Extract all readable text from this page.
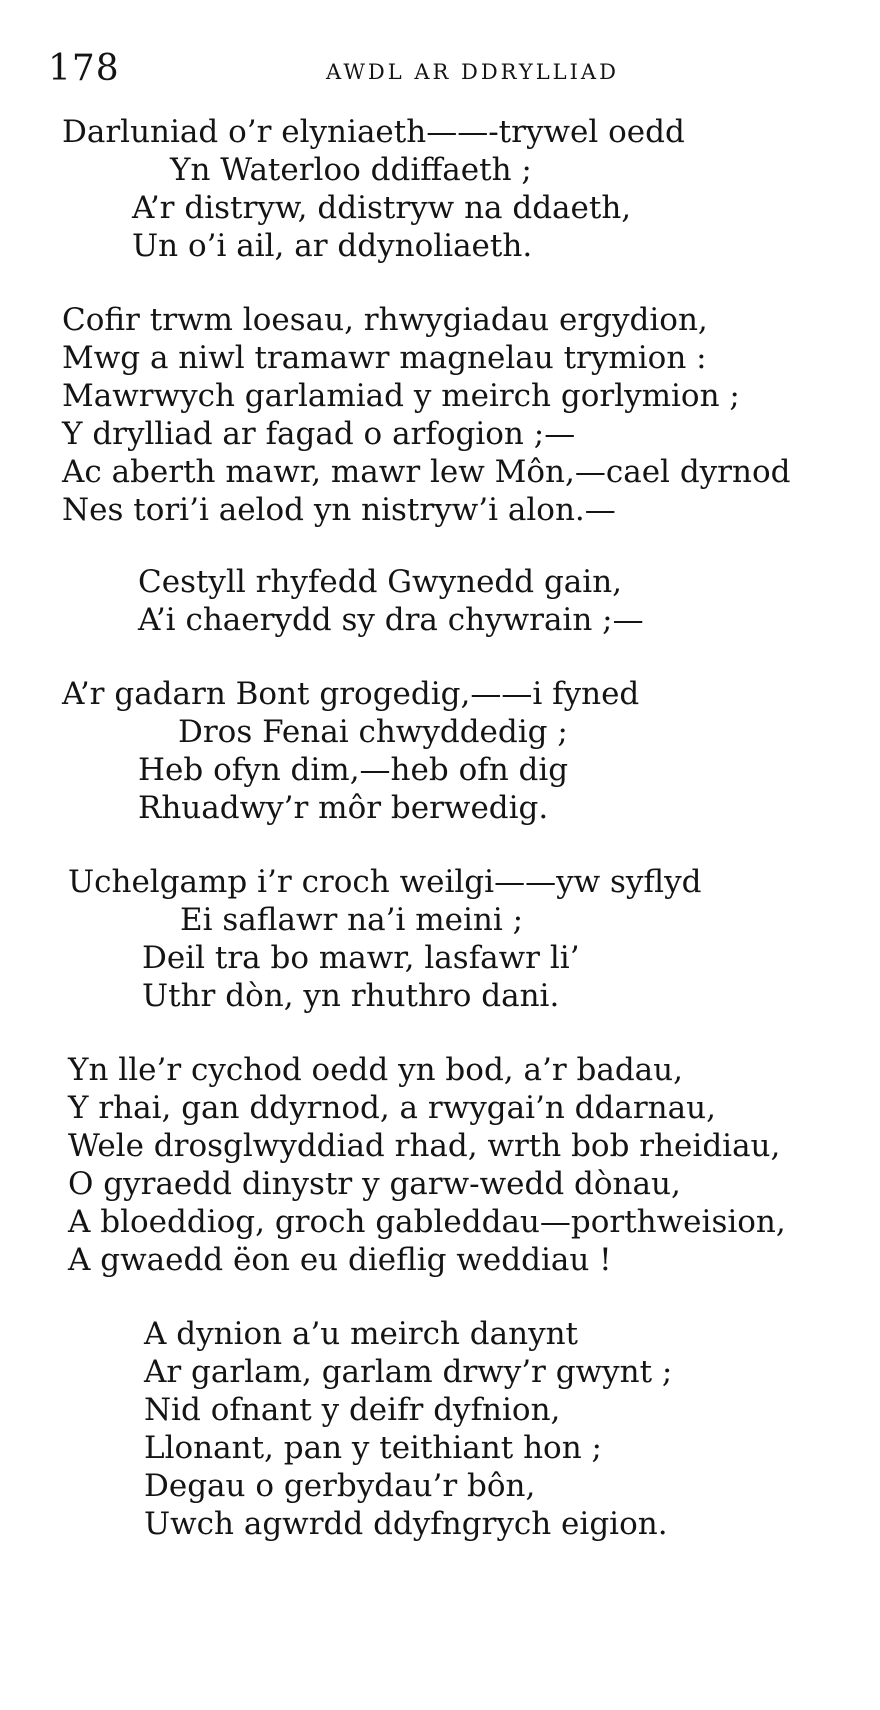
178	AWDL AR DDRYLLIAD
Darluniad o’r elyniaeth——-trywel oedd
Yn Waterloo ddiffaeth ;
A’r distryw, ddistryw na ddaeth,
Un o’i ail, ar ddynoliaeth.
Cofir trwm loesau, rhwygiadau ergydion,
Mwg a niwl tramawr magnelau trymion :
Mawrwych garlamiad y meirch gorlymion ;
Y drylliad ar fagad o arfogion ;—
Ac aberth mawr, mawr lew Môn,—cael dyrnod
Nes tori’i aelod yn nistryw’i alon.—
Cestyll rhyfedd Gwynedd gain,
A’i chaerydd sy dra chywrain ;—
A’r gadarn Bont grogedig,——i fyned
Dros Fenai chwyddedig ;
Heb ofyn dim,—heb ofn dig
Rhuadwy’r môr berwedig.
Uchelgamp i’r croch weilgi——yw syflyd
Ei saflawr na’i meini ;
Deil tra bo mawr, lasfawr li’
Uthr dòn, yn rhuthro dani.
Yn lle’r cychod oedd yn bod, a’r badau,
Y rhai, gan ddyrnod, a rwygai’n ddarnau,
Wele drosglwyddiad rhad, wrth bob rheidiau,
O gyraedd dinystr y garw-wedd dònau,
A bloeddiog, groch gableddau—porthweision,
A gwaedd ëon eu dieflig weddiau !
A dynion a’u meirch danynt
Ar garlam, garlam drwy’r gwynt ;
Nid ofnant y deifr dyfnion,
Llonant, pan y teithiant hon ;
Degau o gerbydau’r bôn,
Uwch agwrdd ddyfngrych eigion.
